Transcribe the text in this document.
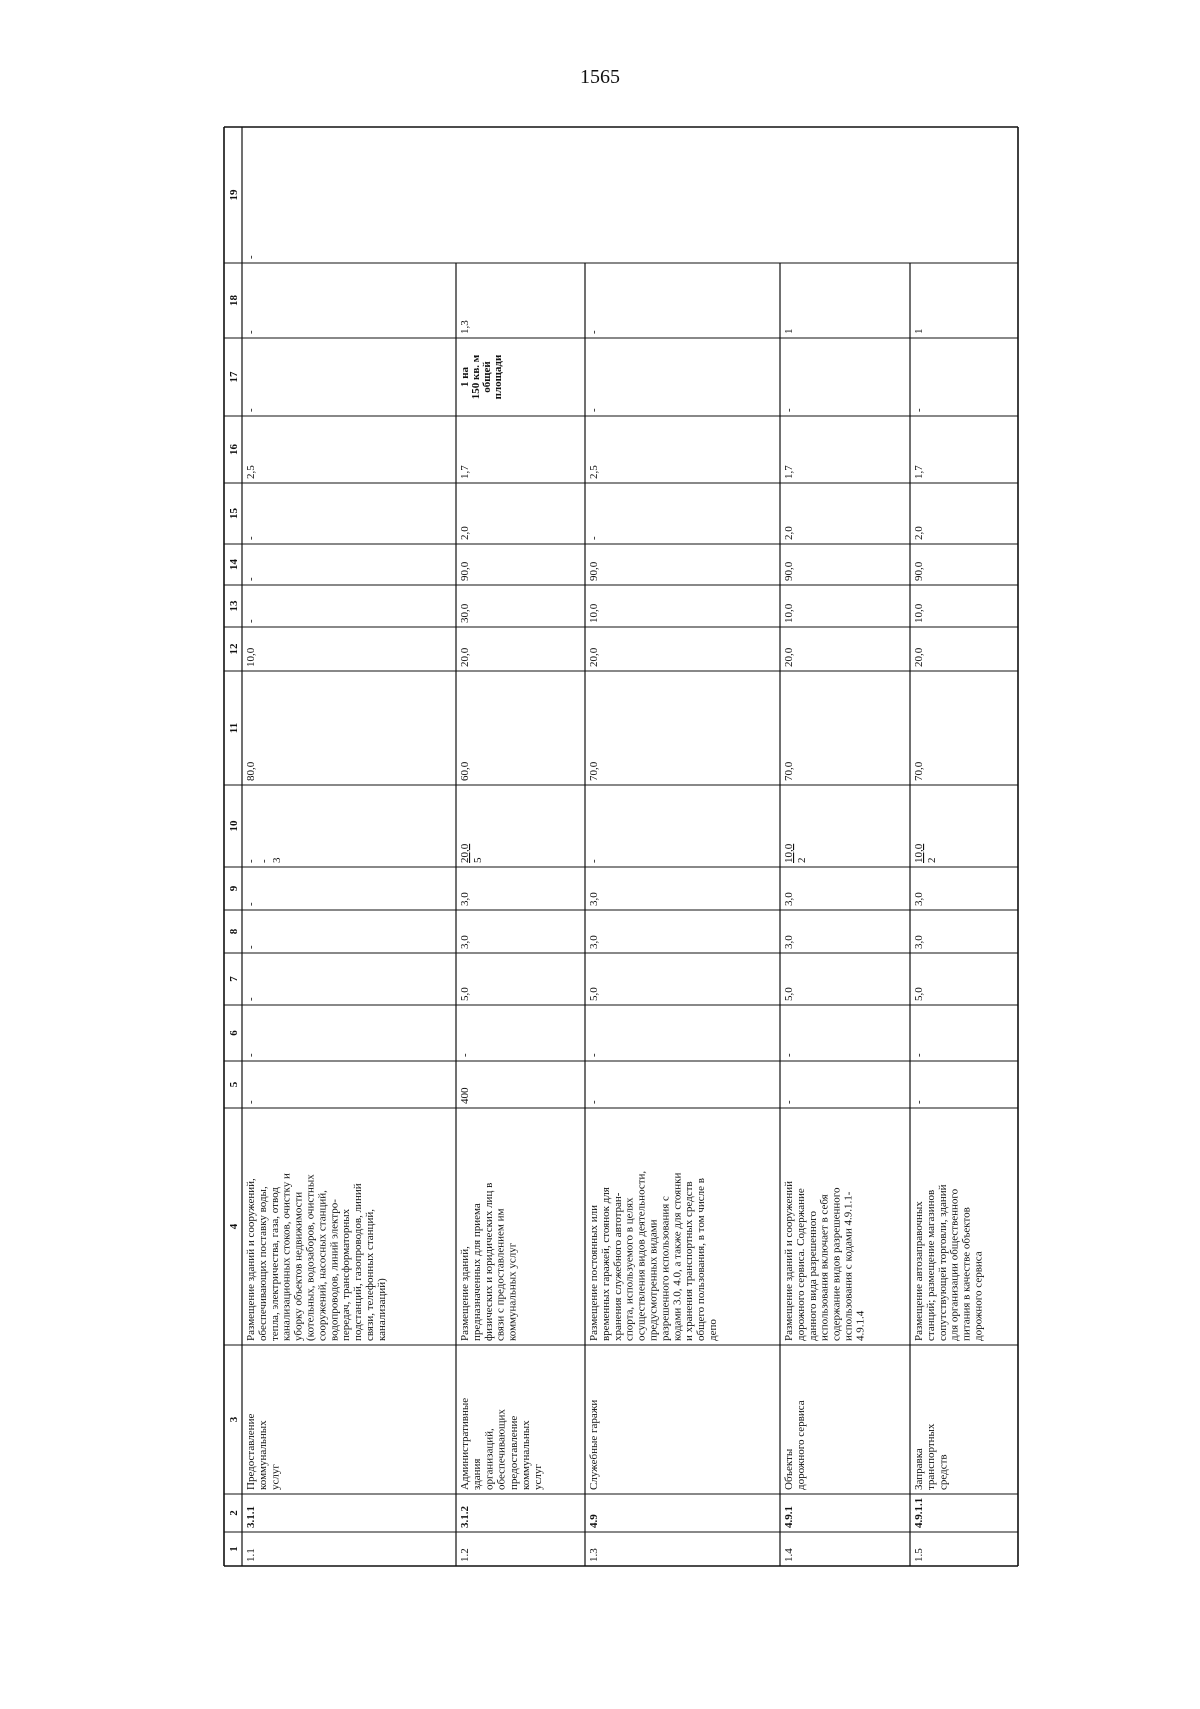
1565
1
2
3
4
5
6
7
8
9
10
11
12
13
14
15
16
17
18
19
1.1
3.1.1
-
-
-
-
-
80,0
10,0
-
-
-
2,5
-
-
Предоставление коммунальных услуг
Размещение зданий и сооружений, обеспечивающих поставку воды, тепла, электричества, газа, отвод канализационных стоков, очистку и уборку объектов недвижимости (котельных, водозаборов, очистных сооружений, насосных станций, водопроводов, линий электро- передач, трансформаторных подстанций, газопроводов, линий связи, телефонных станций, канализаций)
- - 3
-
1.2
3.1.2
400
-
5,0
3,0
3,0
60,0
20,0
30,0
90,0
2,0
1,7
1,3
Административные здания организаций, обеспечивающих предоставление коммунальных услуг
Размещение зданий, предназначенных для приема физических и юридических лиц в связи с предоставлением им коммунальных услуг
20,0 5
1 на 150 кв. м общей площади
1.3
4.9
-
-
5,0
3,0
3,0
70,0
20,0
10,0
90,0
-
2,5
-
Служебные гаражи
Размещение постоянных или временных гаражей, стоянок для хранения служебного автотран- спорта, используемого в целях осуществления видов деятельности, предусмотренных видами разрешенного использования с кодами 3.0, 4.0, а также для стоянки и хранения транспортных средств общего пользования, в том числе в депо
-
-
1.4
4.9.1
-
-
5,0
3,0
3,0
70,0
20,0
10,0
90,0
2,0
1,7
1
Объекты дорожного сервиса
Размещение зданий и сооружений дорожного сервиса. Содержание данного вида разрешенного использования включает в себя содержание видов разрешенного использования с кодами 4.9.1.1- 4.9.1.4
10,0 2
-
1.5
4.9.1.1
-
-
5,0
3,0
3,0
70,0
20,0
10,0
90,0
2,0
1,7
1
Заправка транспортных средств
Размещение автозаправочных станций; размещение магазинов сопутствующей торговли, зданий для организации общественного питания в качестве объектов дорожного сервиса
10,0 2
-
